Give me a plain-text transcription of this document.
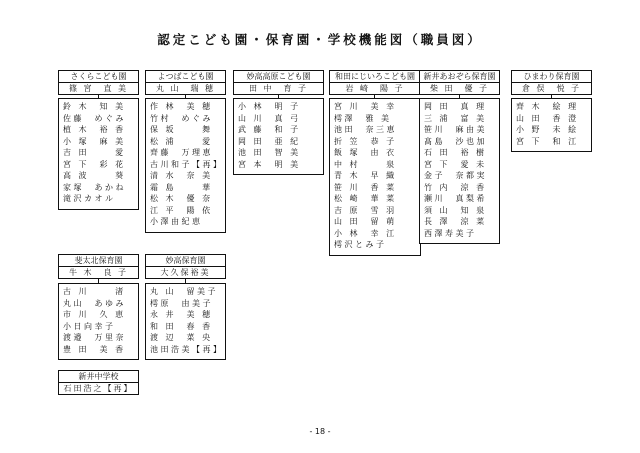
認定こども園・保育園・学校機能図（職員図）
さくらこども園
篠 宮　直 美
鈴 木　知 美
佐藤　めぐみ
植 木　裕 香
小 塚　麻 美
吉 田　　 愛
宮 下　彩 花
高 波　　 葵
家塚　あかね
滝沢カオル
よつばこども園
丸 山　瑞 穂
作 林　美 穂
竹村　めぐみ
保 坂　　 舞
松 浦　　 愛
齊藤　万理恵
古川和子【再】
清 水　奈 美
霜 島　　 華
松 木　優 奈
江 平　陽 依
小澤由紀恵
妙高高原こども園
田 中　育 子
小 林　明 子
山 川　真 弓
武 藤　和 子
岡 田　亜 紀
池 田　智 美
宮 本　明 美
和田にじいろこども園
岩 崎　陽 子
宮 川　美 幸
樗澤　雅 美
池田　奈三恵
折 笠　恭 子
飯 塚　由 衣
中 村　　 泉
青 木　早 織
笹 川　香 菜
松 崎　華 菜
吉 原　雪 羽
山 田　留 萌
小 林　幸 江
樗沢とみ子
新井あおぞら保育園
柴 田　優 子
岡 田　真 理
三 浦　富 美
笹川　麻由美
髙島　沙也加
石 田　裕 樹
宮 下　愛 未
金子　奈都実
竹 内　涼 香
瀬川　真梨希
須 山　知 泉
長 澤　涼 菜
西澤寿美子
ひまわり保育園
倉 俣　悦 子
齊 木　絵 理
山 田　香 澄
小 野　未 絵
宮 下　和 江
斐太北保育園
牛 木　良 子
古 川　　 渚
丸山　あゆみ
市 川　久 恵
小日向幸子
渡邉　万里奈
豊 田　美 香
妙高保育園
大久保裕美
丸 山　留美子
樗原　由美子
永 井　美 穂
和 田　春 香
渡 辺　菜 央
池田浩美【再】
新井中学校
石田浩之【再】
- 18 -
